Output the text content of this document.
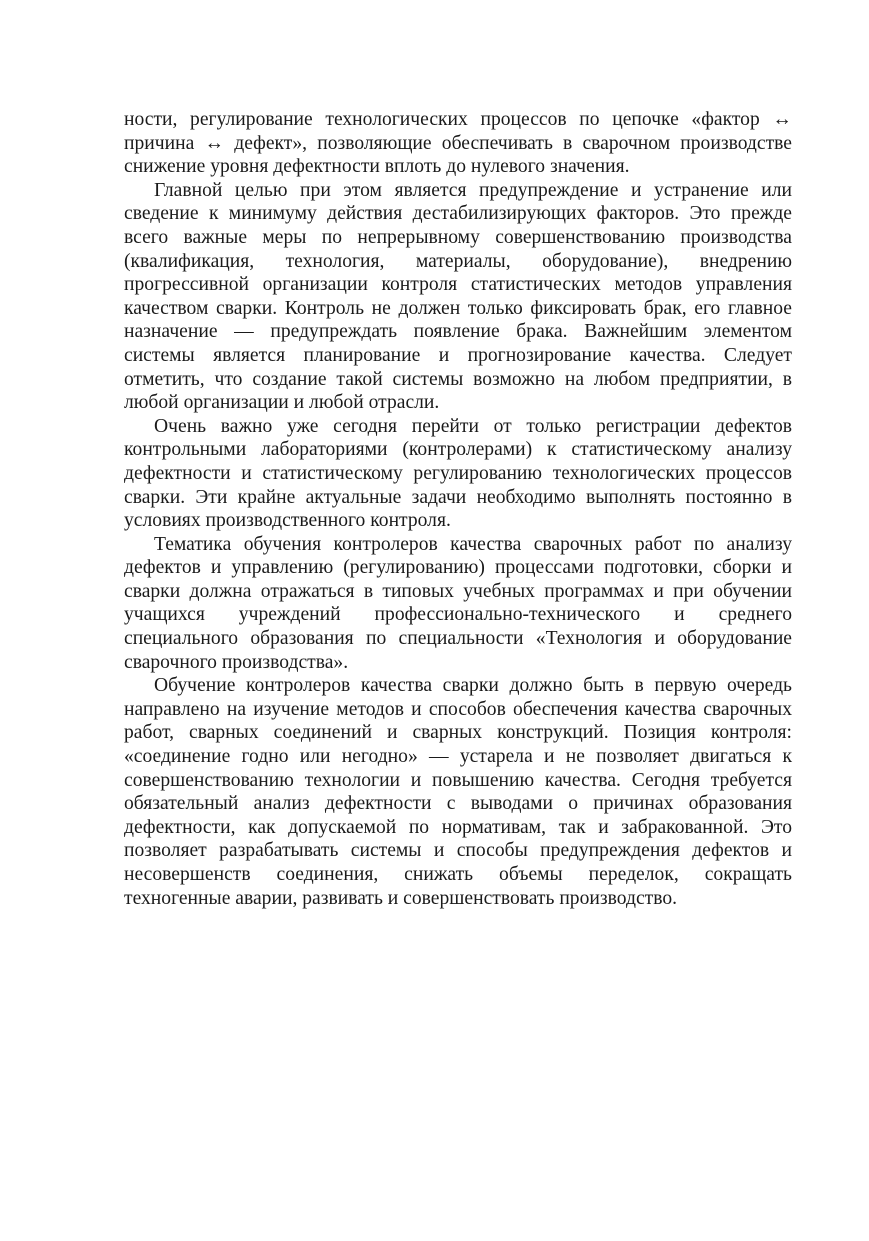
ности, регулирование технологических процессов по цепочке «фактор ↔ причина ↔ дефект», позволяющие обеспечивать в сварочном производстве снижение уровня дефектности вплоть до нулевого значения.

Главной целью при этом является предупреждение и устранение или сведение к минимуму действия дестабилизирующих факторов. Это прежде всего важные меры по непрерывному совершенствованию производства (квалификация, технология, материалы, оборудование), внедрению прогрессивной организации контроля статистических методов управления качеством сварки. Контроль не должен только фиксировать брак, его главное назначение — предупреждать появление брака. Важнейшим элементом системы является планирование и прогнозирование качества. Следует отметить, что создание такой системы возможно на любом предприятии, в любой организации и любой отрасли.

Очень важно уже сегодня перейти от только регистрации дефектов контрольными лабораториями (контролерами) к статистическому анализу дефектности и статистическому регулированию технологических процессов сварки. Эти крайне актуальные задачи необходимо выполнять постоянно в условиях производственного контроля.

Тематика обучения контролеров качества сварочных работ по анализу дефектов и управлению (регулированию) процессами подготовки, сборки и сварки должна отражаться в типовых учебных программах и при обучении учащихся учреждений профессионально-технического и среднего специального образования по специальности «Технология и оборудование сварочного производства».

Обучение контролеров качества сварки должно быть в первую очередь направлено на изучение методов и способов обеспечения качества сварочных работ, сварных соединений и сварных конструкций. Позиция контроля: «соединение годно или негодно» — устарела и не позволяет двигаться к совершенствованию технологии и повышению качества. Сегодня требуется обязательный анализ дефектности с выводами о причинах образования дефектности, как допускаемой по нормативам, так и забракованной. Это позволяет разрабатывать системы и способы предупреждения дефектов и несовершенств соединения, снижать объемы переделок, сокращать техногенные аварии, развивать и совершенствовать производство.
